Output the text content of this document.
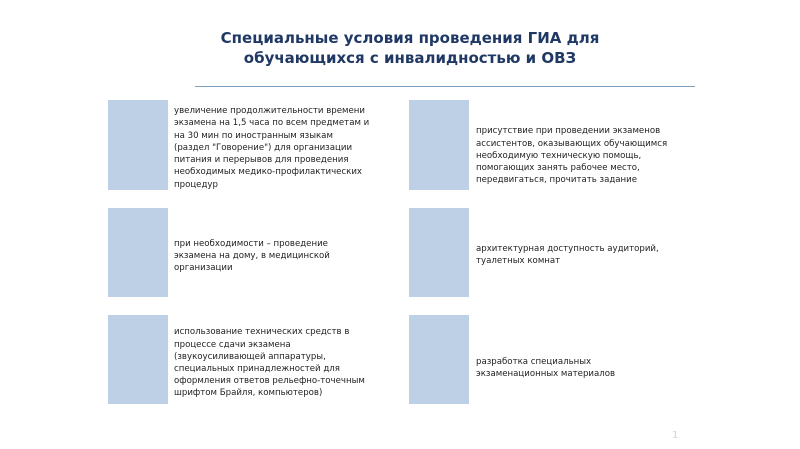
Специальные условия проведения ГИА для
обучающихся с инвалидностью и ОВЗ
увеличение продолжительности времени
экзамена на 1,5 часа по всем предметам и
на 30 мин по иностранным языкам
(раздел "Говорение") для организации
питания и перерывов для проведения
необходимых медико-профилактических
процедур
присутствие при проведении экзаменов
ассистентов, оказывающих обучающимся
необходимую техническую помощь,
помогающих занять рабочее место,
передвигаться, прочитать задание
при необходимости – проведение
экзамена на дому, в медицинской
организации
архитектурная доступность аудиторий,
туалетных комнат
использование технических средств в
процессе сдачи экзамена
(звукоусиливающей аппаратуры,
специальных принадлежностей для
оформления ответов рельефно-точечным
шрифтом Брайля, компьютеров)
разработка специальных
экзаменационных материалов
1
